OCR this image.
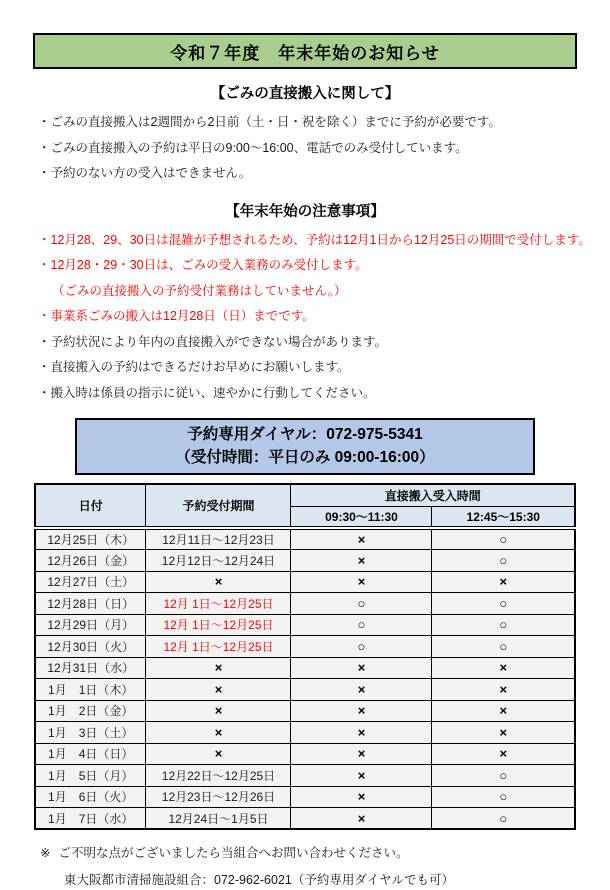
令和７年度　年末年始のお知らせ
【ごみの直接搬入に関して】
・ごみの直接搬入は2週間から2日前（土・日・祝を除く）までに予約が必要です。
・ごみの直接搬入の予約は平日の9:00～16:00、電話でのみ受付しています。
・予約のない方の受入はできません。
【年末年始の注意事項】
・12月28、29、30日は混雑が予想されるため、予約は12月1日から12月25日の期間で受付します。
・12月28・29・30日は、ごみの受入業務のみ受付します。
（ごみの直接搬入の予約受付業務はしていません。）
・事業系ごみの搬入は12月28日（日）までです。
・予約状況により年内の直接搬入ができない場合があります。
・直接搬入の予約はできるだけお早めにお願いします。
・搬入時は係員の指示に従い、速やかに行動してください。
予約専用ダイヤル：072-975-5341
（受付時間：平日のみ 09:00-16:00）
日付	予約受付期間	直接搬入受入時間	
		09:30～11:30	12:45～15:30
12月25日（木）	12月11日～12月23日	×	○
12月26日（金）	12月12日～12月24日	×	○
12月27日（土）	×	×	×
12月28日（日）	12月 1日～12月25日	○	○
12月29日（月）	12月 1日～12月25日	○	○
12月30日（火）	12月 1日～12月25日	○	○
12月31日（水）	×	×	×
1月　1日（木）	×	×	×
1月　2日（金）	×	×	×
1月　3日（土）	×	×	×
1月　4日（日）	×	×	×
1月　5日（月）	12月22日～12月25日	×	○
1月　6日（火）	12月23日～12月26日	×	○
1月　7日（水）	12月24日～1月5日	×	○
※ ご不明な点がございましたら当組合へお問い合わせください。
東大阪都市清掃施設組合：072-962-6021（予約専用ダイヤルでも可）
